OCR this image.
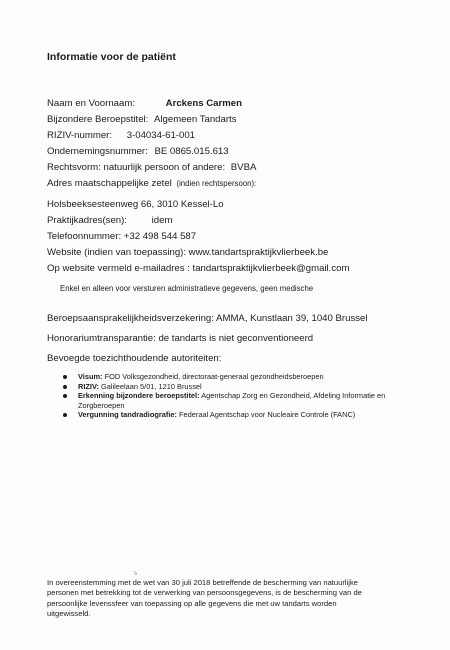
Informatie voor de patiënt
Naam en Voornaam:	Arckens Carmen
Bijzondere Beroepstitel: Algemeen Tandarts
RIZIV-nummer: 3-04034-61-001
Ondernemingsnummer: BE 0865.015.613
Rechtsvorm: natuurlijk persoon of andere: BVBA
Adres maatschappelijke zetel (indien rechtspersoon):
Holsbeeksesteenweg 66, 3010 Kessel-Lo
Praktijkadres(sen):	idem
Telefoonnummer: +32 498 544 587
Website (indien van toepassing): www.tandartspraktijkvlierbeek.be
Op website vermeld e-mailadres : tandartspraktijkvlierbeek@gmail.com
Enkel en alleen voor versturen administratieve gegevens, geen medische
Beroepsaansprakelijkheidsverzekering: AMMA, Kunstlaan 39, 1040 Brussel
Honorariumtransparantie: de tandarts is niet geconventioneerd
Bevoegde toezichthoudende autoriteiten:
Visum: FOD Volksgezondheid, directoraat-generaal gezondheidsberoepen
RIZIV: Galileelaan 5/01, 1210 Brussel
Erkenning bijzondere beroepstitel: Agentschap Zorg en Gezondheid, Afdeling Informatie en Zorgberoepen
Vergunning tandradiografie: Federaal Agentschap voor Nucleaire Controle (FANC)
s
In overeenstemming met de wet van 30 juli 2018 betreffende de bescherming van natuurlijke personen met betrekking tot de verwerking van persoonsgegevens, is de bescherming van de persoonlijke levenssfeer van toepassing op alle gegevens die met uw tandarts worden uitgewisseld.
